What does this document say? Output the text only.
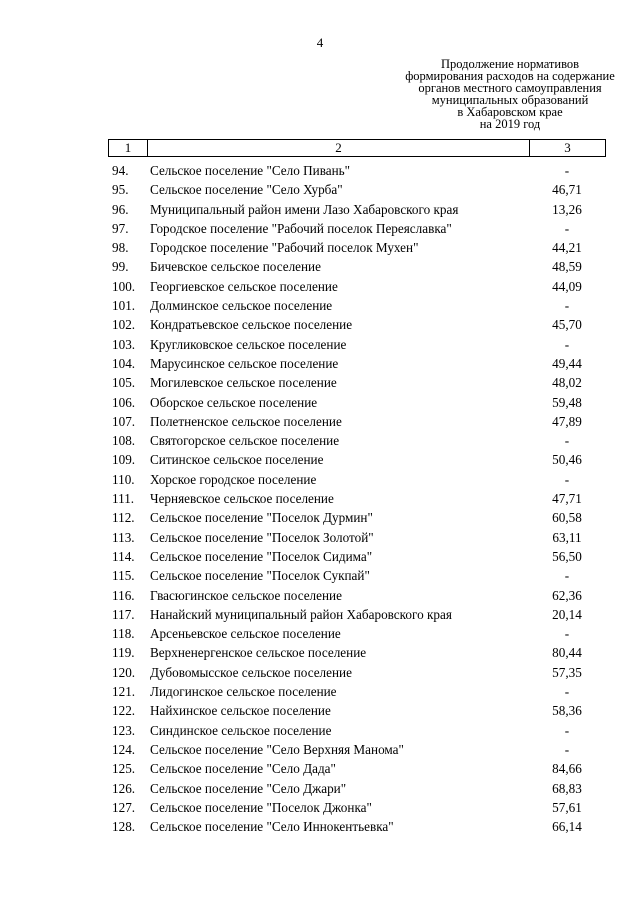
4
Продолжение нормативов
формирования расходов на содержание
органов местного самоуправления
муниципальных образований
в Хабаровском крае
на 2019 год
1	2	3
94.	Сельское поселение "Село Пивань"	-
95.	Сельское поселение "Село Хурба"	46,71
96.	Муниципальный район имени Лазо Хабаровского края	13,26
97.	Городское поселение "Рабочий поселок Переяславка"	-
98.	Городское поселение "Рабочий поселок Мухен"	44,21
99.	Бичевское сельское поселение	48,59
100.	Георгиевское сельское поселение	44,09
101.	Долминское сельское поселение	-
102.	Кондратьевское сельское поселение	45,70
103.	Кругликовское сельское поселение	-
104.	Марусинское сельское поселение	49,44
105.	Могилевское сельское поселение	48,02
106.	Оборское сельское поселение	59,48
107.	Полетненское сельское поселение	47,89
108.	Святогорское сельское поселение	-
109.	Ситинское сельское поселение	50,46
110.	Хорское городское поселение	-
111.	Черняевское сельское поселение	47,71
112.	Сельское поселение "Поселок Дурмин"	60,58
113.	Сельское поселение "Поселок Золотой"	63,11
114.	Сельское поселение "Поселок Сидима"	56,50
115.	Сельское поселение "Поселок Сукпай"	-
116.	Гвасюгинское сельское поселение	62,36
117.	Нанайский муниципальный район Хабаровского края	20,14
118.	Арсеньевское сельское поселение	-
119.	Верхненергенское сельское поселение	80,44
120.	Дубовомысское сельское поселение	57,35
121.	Лидогинское сельское поселение	-
122.	Найхинское сельское поселение	58,36
123.	Синдинское сельское поселение	-
124.	Сельское поселение "Село Верхняя Манома"	-
125.	Сельское поселение "Село Дада"	84,66
126.	Сельское поселение "Село Джари"	68,83
127.	Сельское поселение "Поселок Джонка"	57,61
128.	Сельское поселение "Село Иннокентьевка"	66,14
